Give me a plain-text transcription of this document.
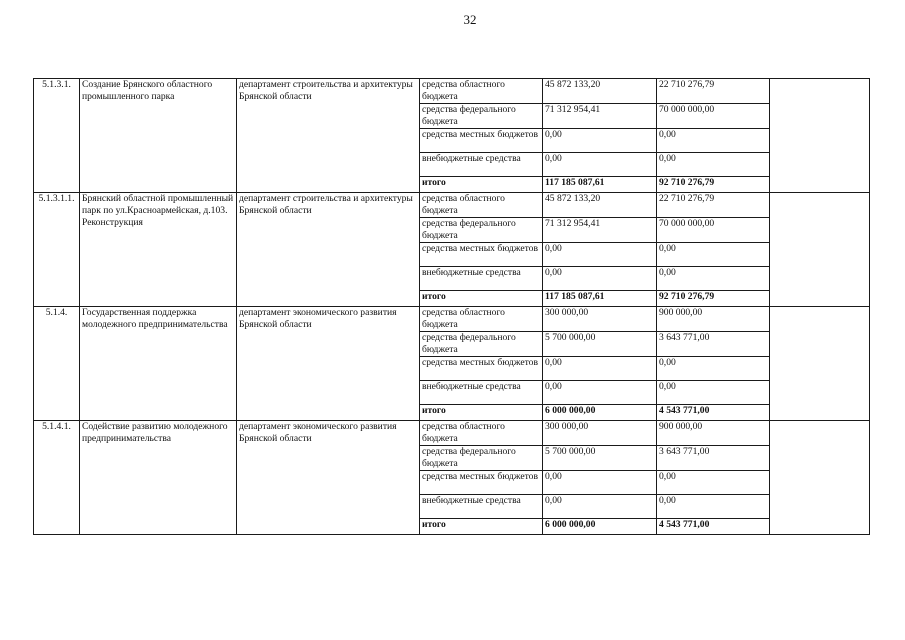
32
5.1.3.1.	Создание Брянского областного промышленного парка	департамент строительства и архитектуры Брянской области	средства областного бюджета	45 872 133,20	22 710 276,79	
			средства федерального бюджета	71 312 954,41	70 000 000,00	
			средства местных бюджетов	0,00	0,00	
			внебюджетные средства	0,00	0,00	
			итого	117 185 087,61	92 710 276,79	
5.1.3.1.1.	Брянский областной промышленный парк по ул.Красноармейская, д.103. Реконструкция	департамент строительства и архитектуры Брянской области	средства областного бюджета	45 872 133,20	22 710 276,79	
			средства федерального бюджета	71 312 954,41	70 000 000,00	
			средства местных бюджетов	0,00	0,00	
			внебюджетные средства	0,00	0,00	
			итого	117 185 087,61	92 710 276,79	
5.1.4.	Государственная поддержка молодежного предпринимательства	департамент экономического развития Брянской области	средства областного бюджета	300 000,00	900 000,00	
			средства федерального бюджета	5 700 000,00	3 643 771,00	
			средства местных бюджетов	0,00	0,00	
			внебюджетные средства	0,00	0,00	
			итого	6 000 000,00	4 543 771,00	
5.1.4.1.	Содействие развитию молодежного предпринимательства	департамент экономического развития Брянской области	средства областного бюджета	300 000,00	900 000,00	
			средства федерального бюджета	5 700 000,00	3 643 771,00	
			средства местных бюджетов	0,00	0,00	
			внебюджетные средства	0,00	0,00	
			итого	6 000 000,00	4 543 771,00	
